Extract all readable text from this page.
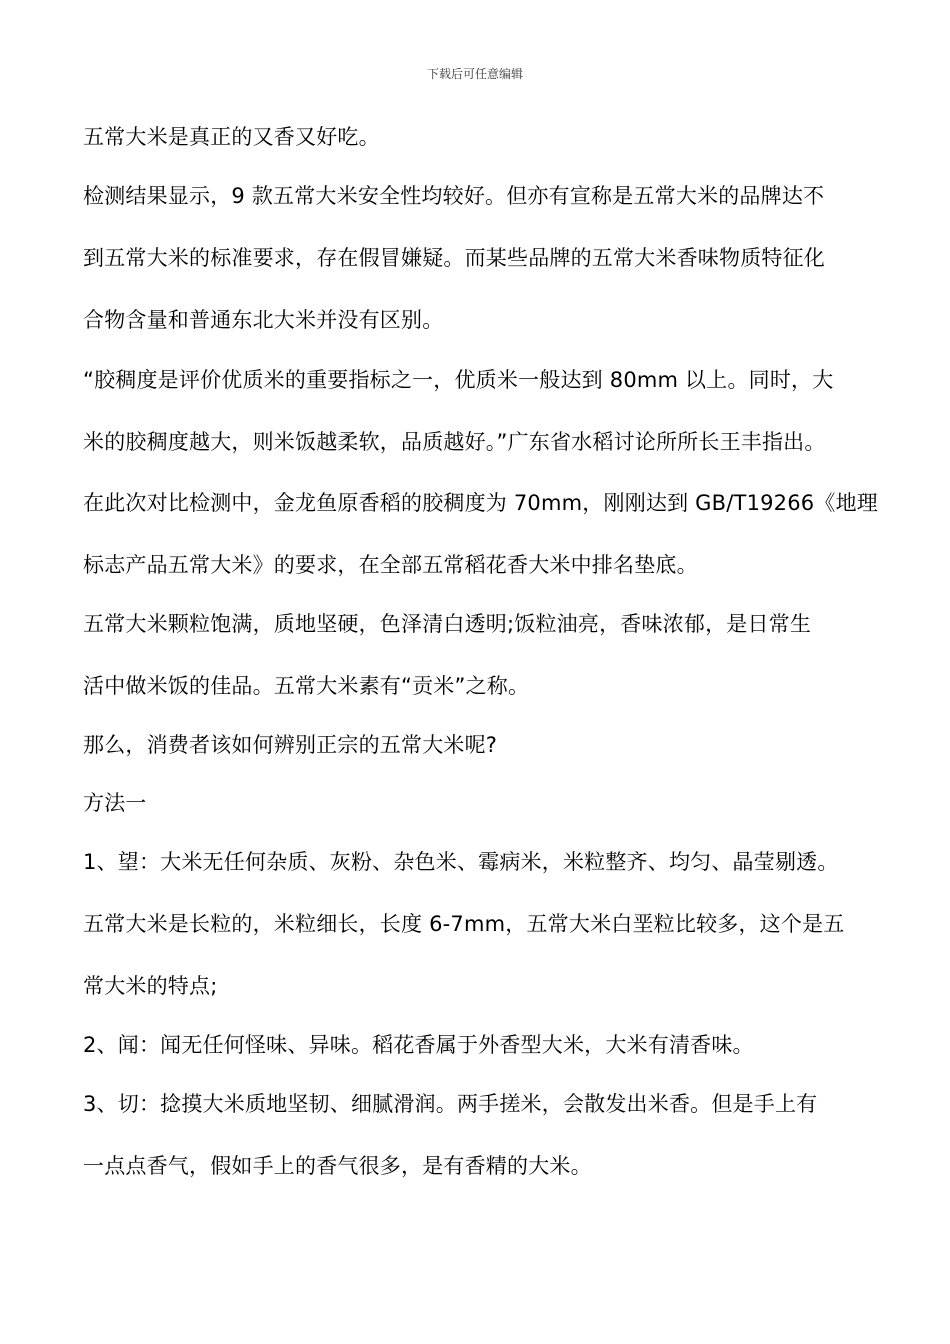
下载后可任意编辑
五常大米是真正的又香又好吃。
检测结果显示，9 款五常大米安全性均较好。但亦有宣称是五常大米的品牌达不
到五常大米的标准要求，存在假冒嫌疑。而某些品牌的五常大米香味物质特征化
合物含量和普通东北大米并没有区别。
“胶稠度是评价优质米的重要指标之一，优质米一般达到 80mm 以上。同时，大
米的胶稠度越大，则米饭越柔软，品质越好。”广东省水稻讨论所所长王丰指出。
在此次对比检测中，金龙鱼原香稻的胶稠度为 70mm，刚刚达到 GB/T19266《地理
标志产品五常大米》的要求，在全部五常稻花香大米中排名垫底。
五常大米颗粒饱满，质地坚硬，色泽清白透明;饭粒油亮，香味浓郁，是日常生
活中做米饭的佳品。五常大米素有“贡米”之称。
那么，消费者该如何辨别正宗的五常大米呢?
方法一
1、望：大米无任何杂质、灰粉、杂色米、霉病米，米粒整齐、均匀、晶莹剔透。
五常大米是长粒的，米粒细长，长度 6-7mm，五常大米白垩粒比较多，这个是五
常大米的特点;
2、闻：闻无任何怪味、异味。稻花香属于外香型大米，大米有清香味。
3、切：捻摸大米质地坚韧、细腻滑润。两手搓米，会散发出米香。但是手上有
一点点香气，假如手上的香气很多，是有香精的大米。
